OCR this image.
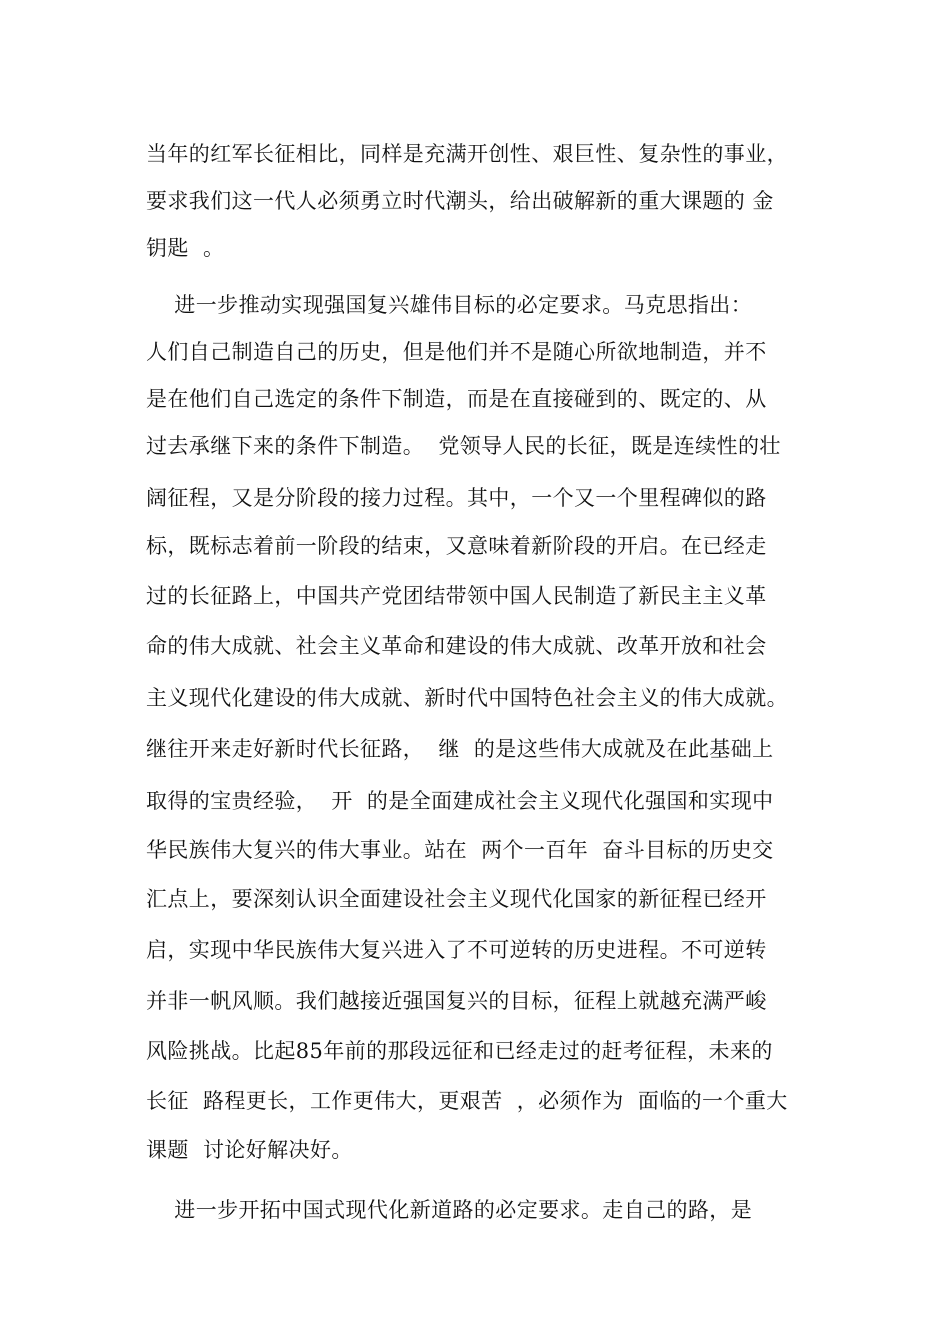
当年的红军长征相比，同样是充满开创性、艰巨性、复杂性的事业，
要求我们这一代人必须勇立时代潮头，给出破解新的重大课题的 金
钥匙  。
进一步推动实现强国复兴雄伟目标的必定要求。马克思指出：
人们自己制造自己的历史，但是他们并不是随心所欲地制造，并不
是在他们自己选定的条件下制造，而是在直接碰到的、既定的、从
过去承继下来的条件下制造。  党领导人民的长征，既是连续性的壮
阔征程，又是分阶段的接力过程。其中，一个又一个里程碑似的路
标，既标志着前一阶段的结束，又意味着新阶段的开启。在已经走
过的长征路上，中国共产党团结带领中国人民制造了新民主主义革
命的伟大成就、社会主义革命和建设的伟大成就、改革开放和社会
主义现代化建设的伟大成就、新时代中国特色社会主义的伟大成就。
继往开来走好新时代长征路，  继  的是这些伟大成就及在此基础上
取得的宝贵经验，  开  的是全面建成社会主义现代化强国和实现中
华民族伟大复兴的伟大事业。站在  两个一百年  奋斗目标的历史交
汇点上，要深刻认识全面建设社会主义现代化国家的新征程已经开
启，实现中华民族伟大复兴进入了不可逆转的历史进程。不可逆转
并非一帆风顺。我们越接近强国复兴的目标，征程上就越充满严峻
风险挑战。比起85年前的那段远征和已经走过的赶考征程，未来的
长征  路程更长，工作更伟大，更艰苦  ，必须作为  面临的一个重大
课题  讨论好解决好。
进一步开拓中国式现代化新道路的必定要求。走自己的路，是
